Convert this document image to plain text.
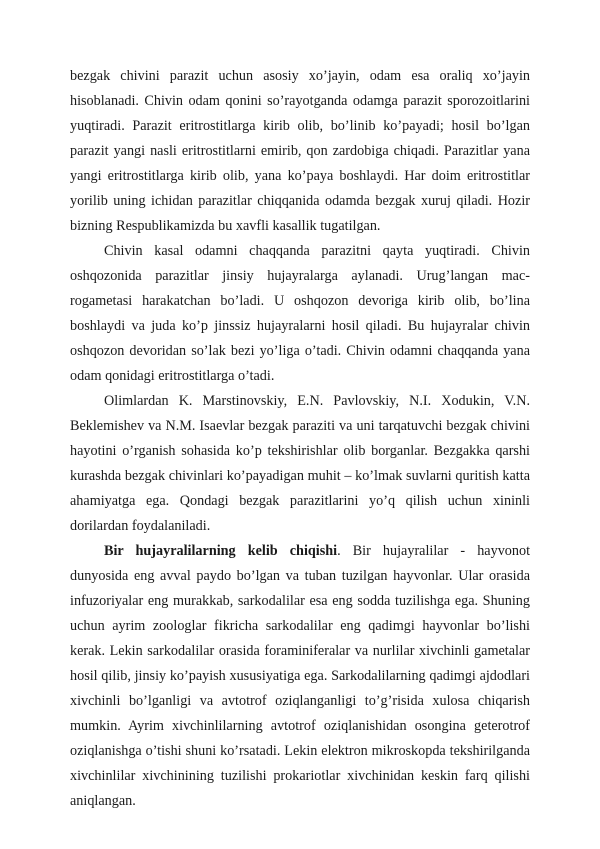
bezgak chivini parazit uchun asosiy xo’jayin, odam esa oraliq xo’jayin hisoblanadi. Chivin odam qonini so’rayotganda odamga parazit sporozoitlarini yuqtiradi. Parazit eritrostitlarga kirib olib, bo’linib ko’payadi; hosil bo’lgan parazit yangi nasli eritrostitlarni emirib, qon zardobiga chiqadi. Parazitlar yana yangi eritrostitlarga kirib olib, yana ko’paya boshlaydi. Har doim eritrostitlar yorilib uning ichidan parazitlar chiqqanida odamda bezgak xuruj qiladi. Hozir bizning Respublikamizda bu xavfli kasallik tugatilgan.

Chivin kasal odamni chaqqanda parazitni qayta yuqtiradi. Chivin oshqozonida parazitlar jinsiy hujayralarga aylanadi. Urug’langan mac-rogametasi harakatchan bo’ladi. U oshqozon devoriga kirib olib, bo’lina boshlaydi va juda ko’p jinssiz hujayralarni hosil qiladi. Bu hujayralar chivin oshqozon devoridan so’lak bezi yo’liga o’tadi. Chivin odamni chaqqanda yana odam qonidagi eritrostitlarga o’tadi.

Olimlardan K. Marstinovskiy, E.N. Pavlovskiy, N.I. Xodukin, V.N. Beklemishev va N.M. Isaevlar bezgak paraziti va uni tarqatuvchi bezgak chivini hayotini o’rganish sohasida ko’p tekshirishlar olib borganlar. Bezgakka qarshi kurashda bezgak chivinlari ko’payadigan muhit – ko’lmak suvlarni quritish katta ahamiyatga ega. Qondagi bezgak parazitlarini yo’q qilish uchun xininli dorilardan foydalaniladi.

Bir hujayralilarning kelib chiqishi. Bir hujayralilar - hayvonot dunyosida eng avval paydo bo’lgan va tuban tuzilgan hayvonlar. Ular orasida infuzoriyalar eng murakkab, sarkodalilar esa eng sodda tuzilishga ega. Shuning uchun ayrim zoologlar fikricha sarkodalilar eng qadimgi hayvonlar bo’lishi kerak. Lekin sarkodalilar orasida foraminiferalar va nurlilar xivchinli gametalar hosil qilib, jinsiy ko’payish xususiyatiga ega. Sarkodalilarning qadimgi ajdodlari xivchinli bo’lganligi va avtotrof oziqlanganligi to’g’risida xulosa chiqarish mumkin. Ayrim xivchinlilarning avtotrof oziqlanishidan osongina geterotrof oziqlanishga o’tishi shuni ko’rsatadi. Lekin elektron mikroskopda tekshirilganda xivchinlilar xivchinining tuzilishi prokariotlar xivchinidan keskin farq qilishi aniqlangan.
